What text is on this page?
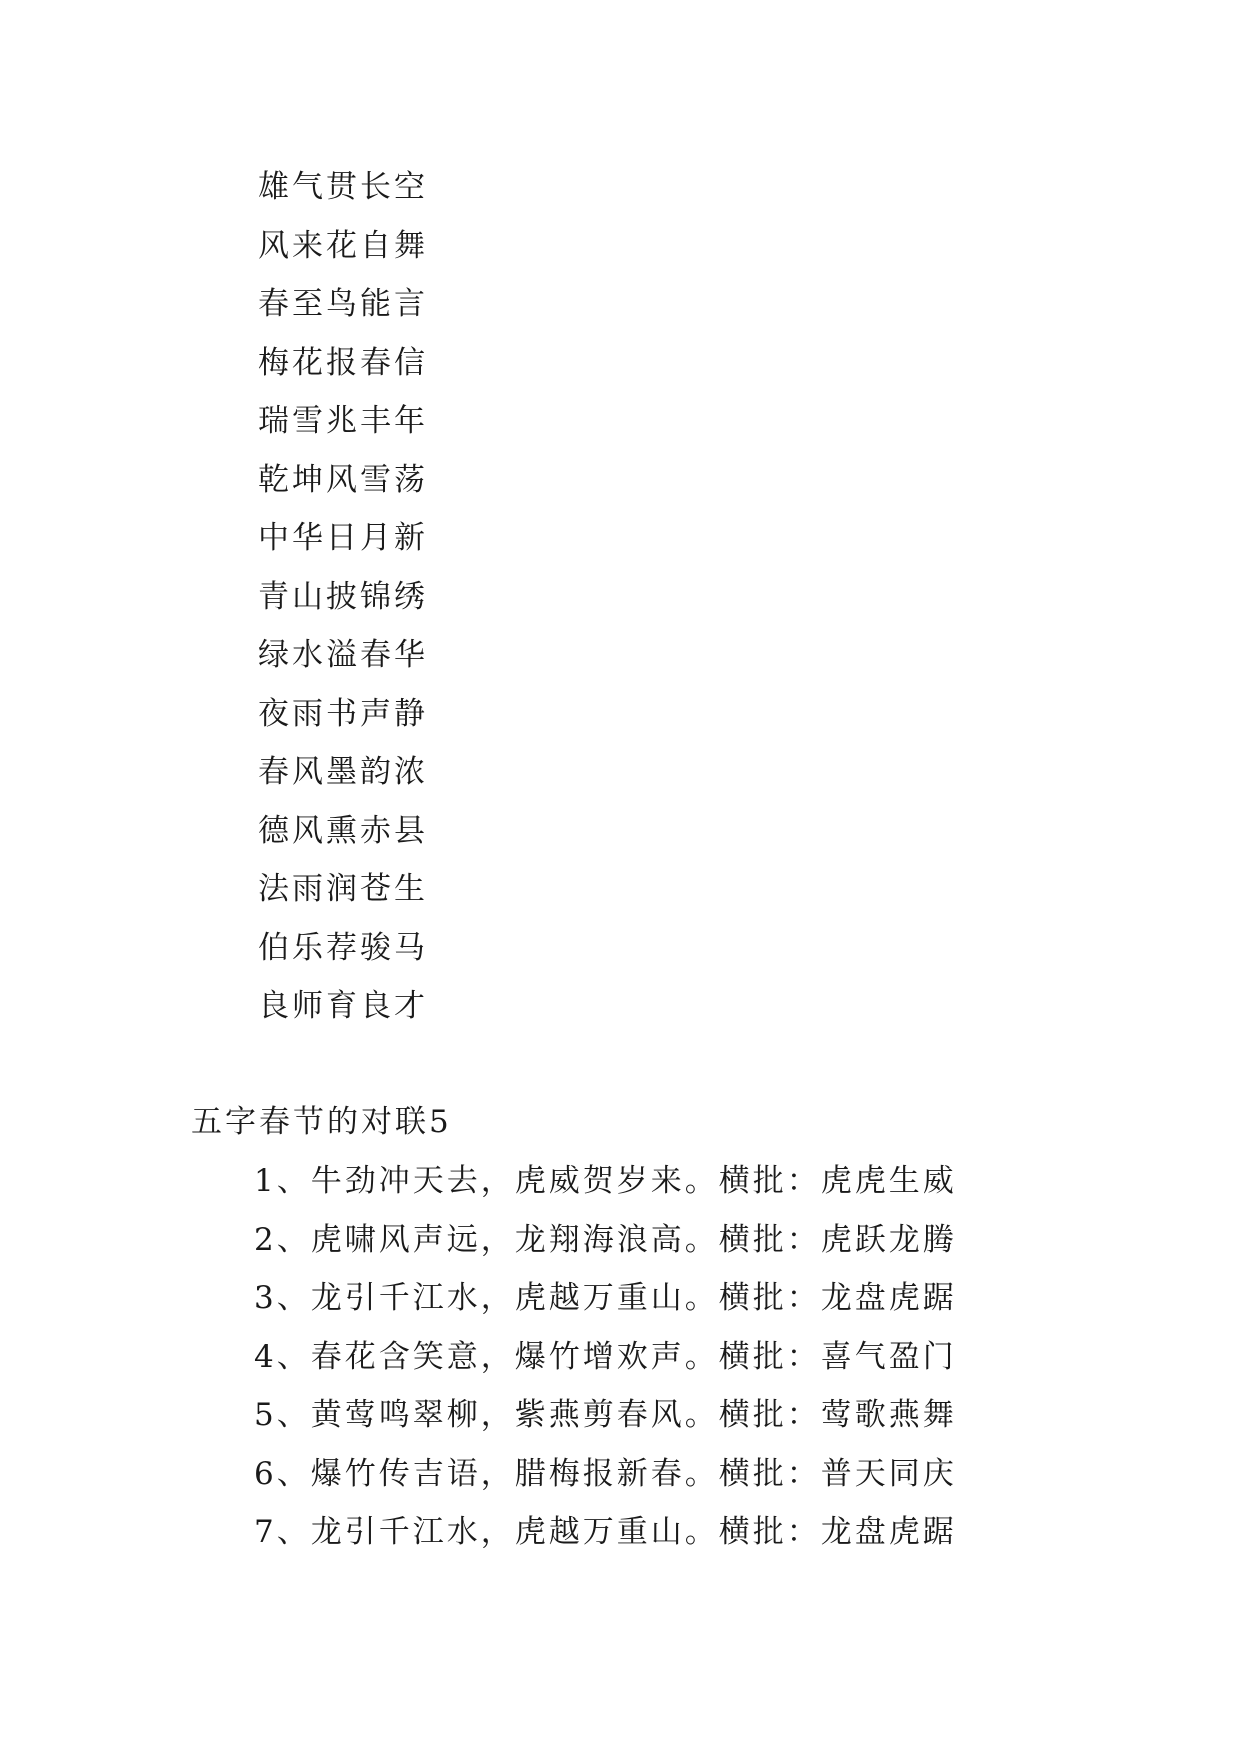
雄气贯长空
风来花自舞
春至鸟能言
梅花报春信
瑞雪兆丰年
乾坤风雪荡
中华日月新
青山披锦绣
绿水溢春华
夜雨书声静
春风墨韵浓
德风熏赤县
法雨润苍生
伯乐荐骏马
良师育良才
五字春节的对联5
1、牛劲冲天去，虎威贺岁来。横批：虎虎生威
2、虎啸风声远，龙翔海浪高。横批：虎跃龙腾
3、龙引千江水，虎越万重山。横批：龙盘虎踞
4、春花含笑意，爆竹增欢声。横批：喜气盈门
5、黄莺鸣翠柳，紫燕剪春风。横批：莺歌燕舞
6、爆竹传吉语，腊梅报新春。横批：普天同庆
7、龙引千江水，虎越万重山。横批：龙盘虎踞
